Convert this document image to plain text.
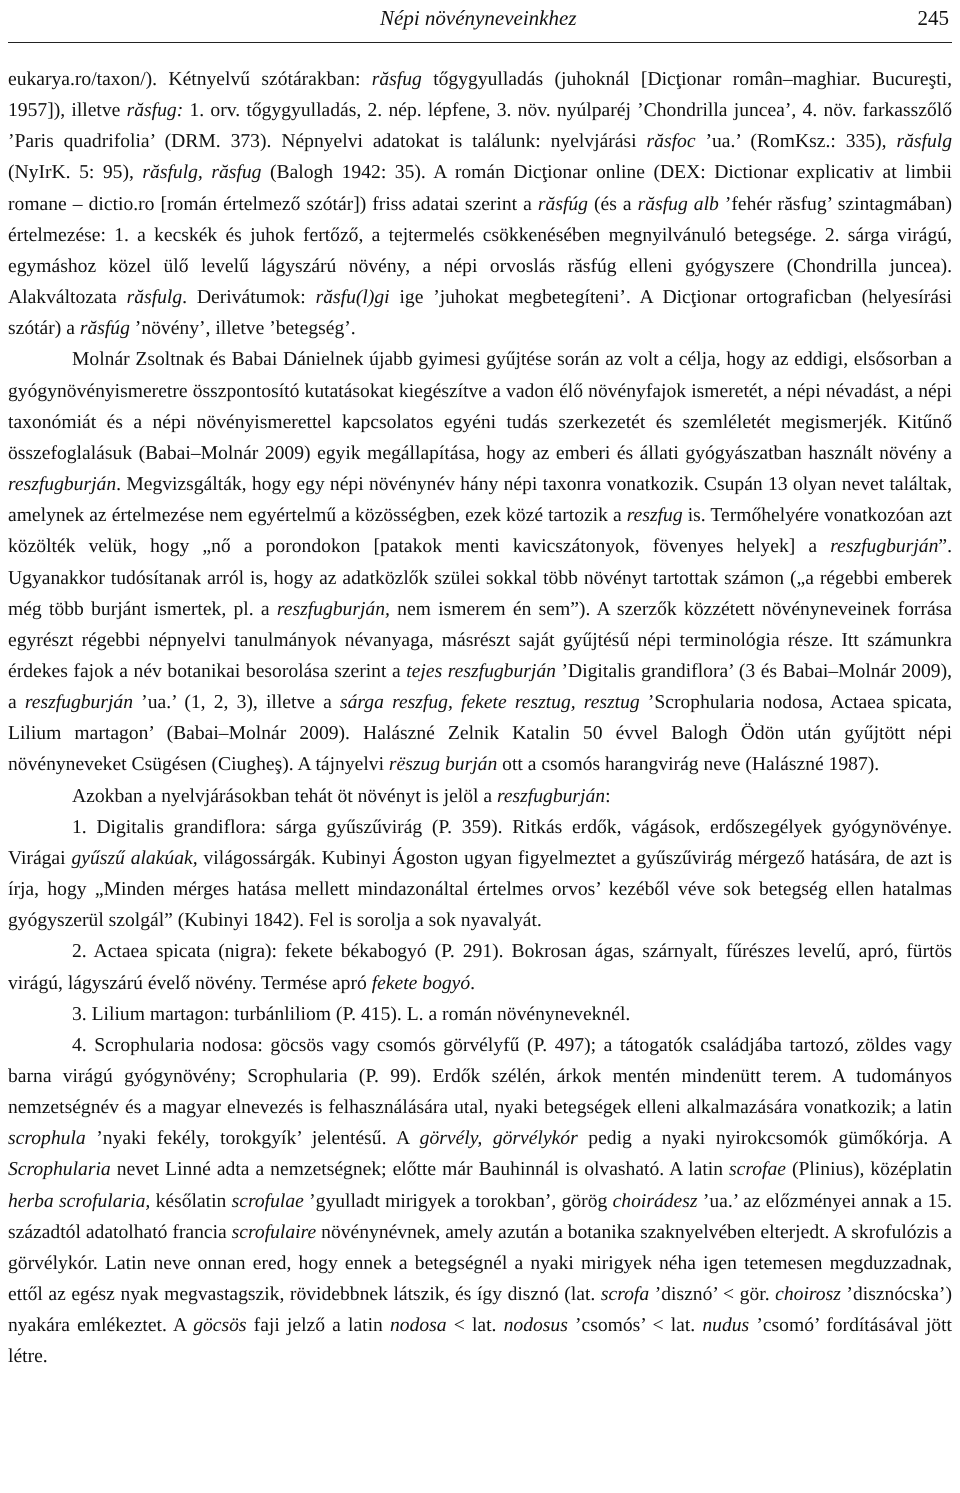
Népi növényneveinkhez	245

eukarya.ro/taxon/). Kétnyelvű szótárakban: răsfug tőgygyulladás (juhoknál [Dicţionar român–maghiar. Bucureşti, 1957]), illetve răsfug: 1. orv. tőgygyulladás, 2. nép. lépfene, 3. növ. nyúlparéj ’Chondrilla juncea’, 4. növ. farkasszőlő ’Paris quadrifolia’ (DRM. 373). Népnyelvi adatokat is találunk: nyelvjárási răsfoc ’ua.’ (RomKsz.: 335), răsfulg (NyIrK. 5: 95), răsfulg, răsfug (Balogh 1942: 35). A román Dicţionar online (DEX: Dictionar explicativ at limbii romane – dictio.ro [román értelmező szótár]) friss adatai szerint a răsfúg (és a răsfug alb ’fehér răsfug’ szintagmában) értelmezése: 1. a kecskék és juhok fertőző, a tejtermelés csökkenésében megnyilvánuló betegsége. 2. sárga virágú, egymáshoz közel ülő levelű lágyszárú növény, a népi orvoslás răsfúg elleni gyógyszere (Chondrilla juncea). Alakváltozata răsfulg. Derivátumok: răsfu(l)gi ige ’juhokat megbetegíteni’. A Dicţionar ortograficban (helyesírási szótár) a răsfúg ’növény’, illetve ’betegség’.

Molnár Zsoltnak és Babai Dánielnek újabb gyimesi gyűjtése során az volt a célja, hogy az eddigi, elsősorban a gyógynövényismeretre összpontosító kutatásokat kiegészítve a vadon élő növényfajok ismeretét, a népi névadást, a népi taxonómiát és a népi növényismerettel kapcsolatos egyéni tudás szerkezetét és szemléletét megismerjék. Kitűnő összefoglalásuk (Babai–Molnár 2009) egyik megállapítása, hogy az emberi és állati gyógyászatban használt növény a reszfugburján. Megvizsgálták, hogy egy népi növénynév hány népi taxonra vonatkozik. Csupán 13 olyan nevet találtak, amelynek az értelmezése nem egyértelmű a közösségben, ezek közé tartozik a reszfug is. Termőhelyére vonatkozóan azt közölték velük, hogy „nő a porondokon [patakok menti kavicszátonyok, fövenyes helyek] a reszfugburján”. Ugyanakkor tudósítanak arról is, hogy az adatközlők szülei sokkal több növényt tartottak számon („a régebbi emberek még több burjánt ismertek, pl. a reszfugburján, nem ismerem én sem”). A szerzők közzétett növényneveinek forrása egyrészt régebbi népnyelvi tanulmányok névanyaga, másrészt saját gyűjtésű népi terminológia része. Itt számunkra érdekes fajok a név botanikai besorolása szerint a tejes reszfugburján ’Digitalis grandiflora’ (3 és Babai–Molnár 2009), a reszfugburján ’ua.’ (1, 2, 3), illetve a sárga reszfug, fekete resztug, resztug ’Scrophularia nodosa, Actaea spicata, Lilium martagon’ (Babai–Molnár 2009). Halászné Zelnik Katalin 50 évvel Balogh Ödön után gyűjtött népi növényneveket Csügésen (Ciugheş). A tájnyelvi rëszug burján ott a csomós harangvirág neve (Halászné 1987).

Azokban a nyelvjárásokban tehát öt növényt is jelöl a reszfugburján:

1. Digitalis grandiflora: sárga gyűszűvirág (P. 359). Ritkás erdők, vágások, erdőszegélyek gyógynövénye. Virágai gyűszű alakúak, világossárgák. Kubinyi Ágoston ugyan figyelmeztet a gyűszűvirág mérgező hatására, de azt is írja, hogy „Minden mérges hatása mellett mindazonáltal értelmes orvos’ kezéből véve sok betegség ellen hatalmas gyógyszerül szolgál” (Kubinyi 1842). Fel is sorolja a sok nyavalyát.

2. Actaea spicata (nigra): fekete békabogyó (P. 291). Bokrosan ágas, szárnyalt, fűrészes levelű, apró, fürtös virágú, lágyszárú évelő növény. Termése apró fekete bogyó.

3. Lilium martagon: turbánliliom (P. 415). L. a román növényneveknél.

4. Scrophularia nodosa: göcsös vagy csomós görvélyfű (P. 497); a tátogatók családjába tartozó, zöldes vagy barna virágú gyógynövény; Scrophularia (P. 99). Erdők szélén, árkok mentén mindenütt terem. A tudományos nemzetségnév és a magyar elnevezés is felhasználására utal, nyaki betegségek elleni alkalmazására vonatkozik; a latin scrophula ’nyaki fekély, torokgyík’ jelentésű. A görvély, görvélykór pedig a nyaki nyirokcsomók gümőkórja. A Scrophularia nevet Linné adta a nemzetségnek; előtte már Bauhinnál is olvasható. A latin scrofae (Plinius), középlatin herba scrofularia, későlatin scrofulae ’gyulladt mirigyek a torokban’, görög choirádesz ’ua.’ az előzményei annak a 15. századtól adatolható francia scrofulaire növénynévnek, amely azután a botanika szaknyelvében elterjedt. A skrofulózis a görvélykór. Latin neve onnan ered, hogy ennek a betegségnél a nyaki mirigyek néha igen tetemesen megduzzadnak, ettől az egész nyak megvastagszik, rövidebbnek látszik, és így disznó (lat. scrofa ’disznó’ < gör. choirosz ’disznócska’) nyakára emlékeztet. A göcsös faji jelző a latin nodosa < lat. nodosus ’csomós’ < lat. nudus ’csomó’ fordításával jött létre.
